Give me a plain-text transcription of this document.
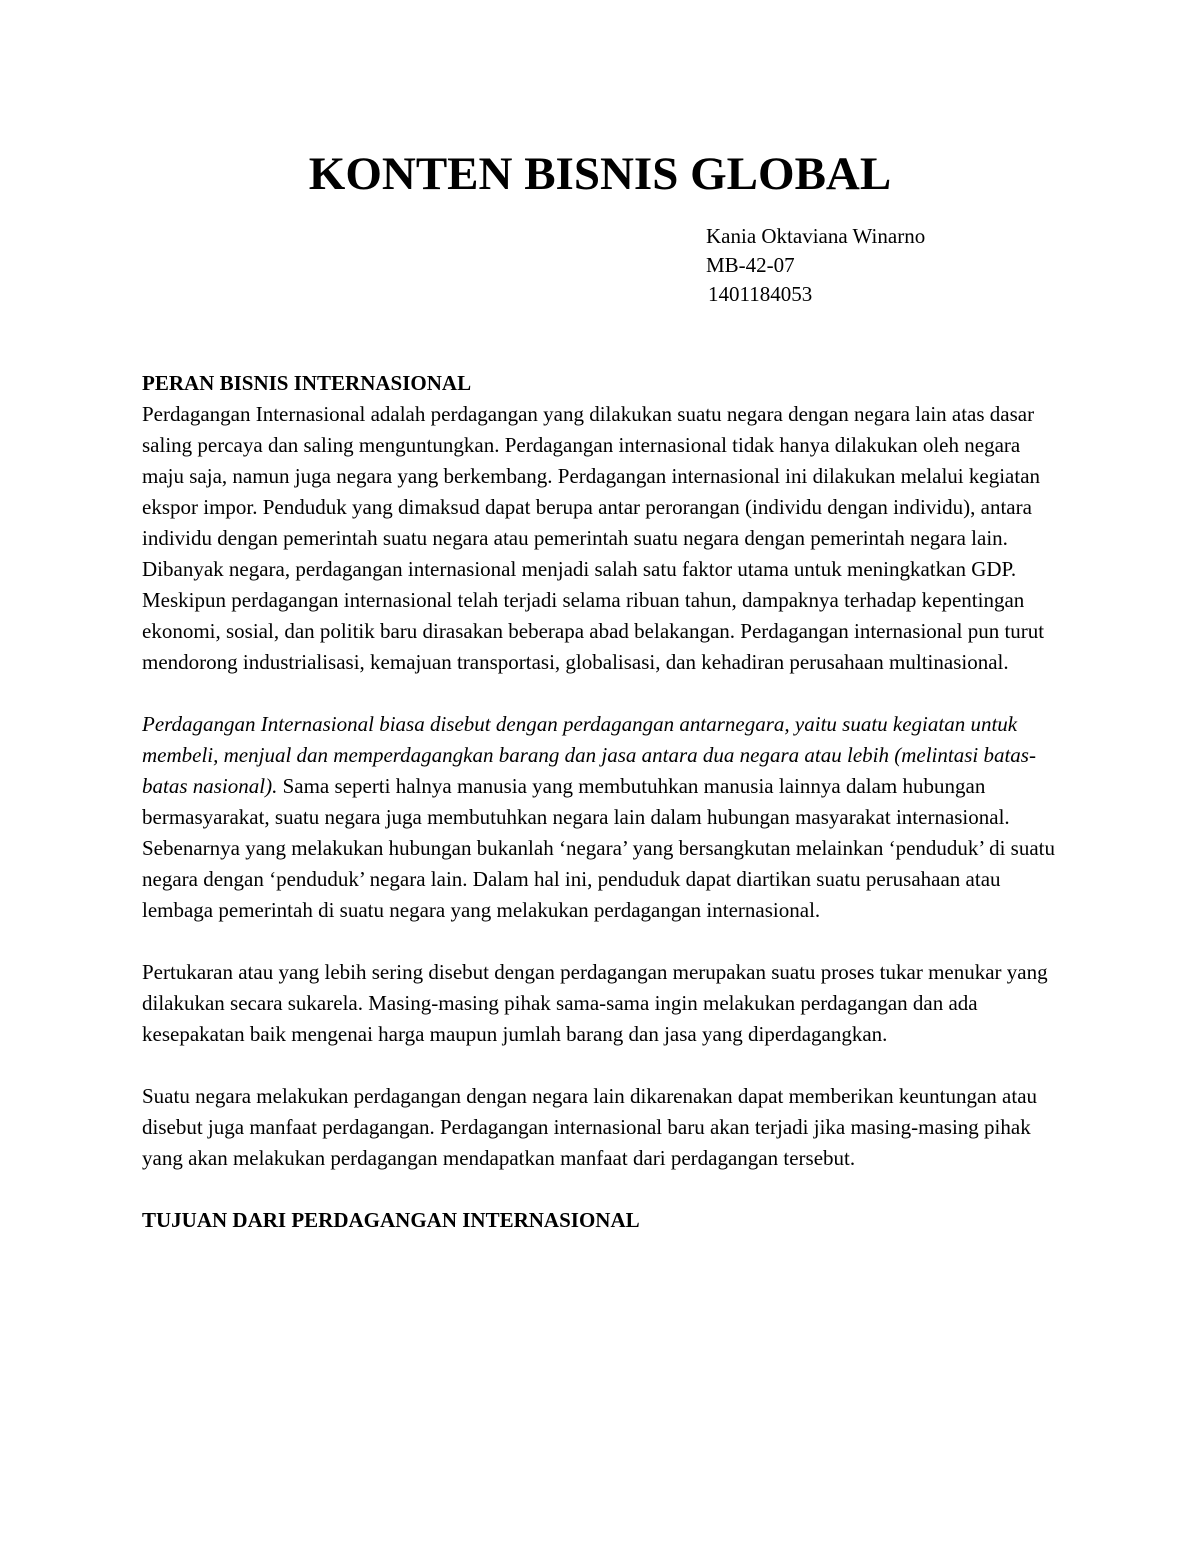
KONTEN BISNIS GLOBAL
Kania Oktaviana Winarno
MB-42-07
1401184053

PERAN BISNIS INTERNASIONAL

Perdagangan Internasional adalah perdagangan yang dilakukan suatu negara dengan negara lain atas dasar saling percaya dan saling menguntungkan. Perdagangan internasional tidak hanya dilakukan oleh negara maju saja, namun juga negara yang berkembang. Perdagangan internasional ini dilakukan melalui kegiatan ekspor impor. Penduduk yang dimaksud dapat berupa antar perorangan (individu dengan individu), antara individu dengan pemerintah suatu negara atau pemerintah suatu negara dengan pemerintah negara lain. Dibanyak negara, perdagangan internasional menjadi salah satu faktor utama untuk meningkatkan GDP. Meskipun perdagangan internasional telah terjadi selama ribuan tahun, dampaknya terhadap kepentingan ekonomi, sosial, dan politik baru dirasakan beberapa abad belakangan. Perdagangan internasional pun turut mendorong industrialisasi, kemajuan transportasi, globalisasi, dan kehadiran perusahaan multinasional.

Perdagangan Internasional biasa disebut dengan perdagangan antarnegara, yaitu suatu kegiatan untuk membeli, menjual dan memperdagangkan barang dan jasa antara dua negara atau lebih (melintasi batas-batas nasional). Sama seperti halnya manusia yang membutuhkan manusia lainnya dalam hubungan bermasyarakat, suatu negara juga membutuhkan negara lain dalam hubungan masyarakat internasional. Sebenarnya yang melakukan hubungan bukanlah ‘negara’ yang bersangkutan melainkan ‘penduduk’ di suatu negara dengan ‘penduduk’ negara lain. Dalam hal ini, penduduk dapat diartikan suatu perusahaan atau lembaga pemerintah di suatu negara yang melakukan perdagangan internasional.

Pertukaran atau yang lebih sering disebut dengan perdagangan merupakan suatu proses tukar menukar yang dilakukan secara sukarela. Masing-masing pihak sama-sama ingin melakukan perdagangan dan ada kesepakatan baik mengenai harga maupun jumlah barang dan jasa yang diperdagangkan.

Suatu negara melakukan perdagangan dengan negara lain dikarenakan dapat memberikan keuntungan atau disebut juga manfaat perdagangan. Perdagangan internasional baru akan terjadi jika masing-masing pihak yang akan melakukan perdagangan mendapatkan manfaat dari perdagangan tersebut.

TUJUAN DARI PERDAGANGAN INTERNASIONAL
